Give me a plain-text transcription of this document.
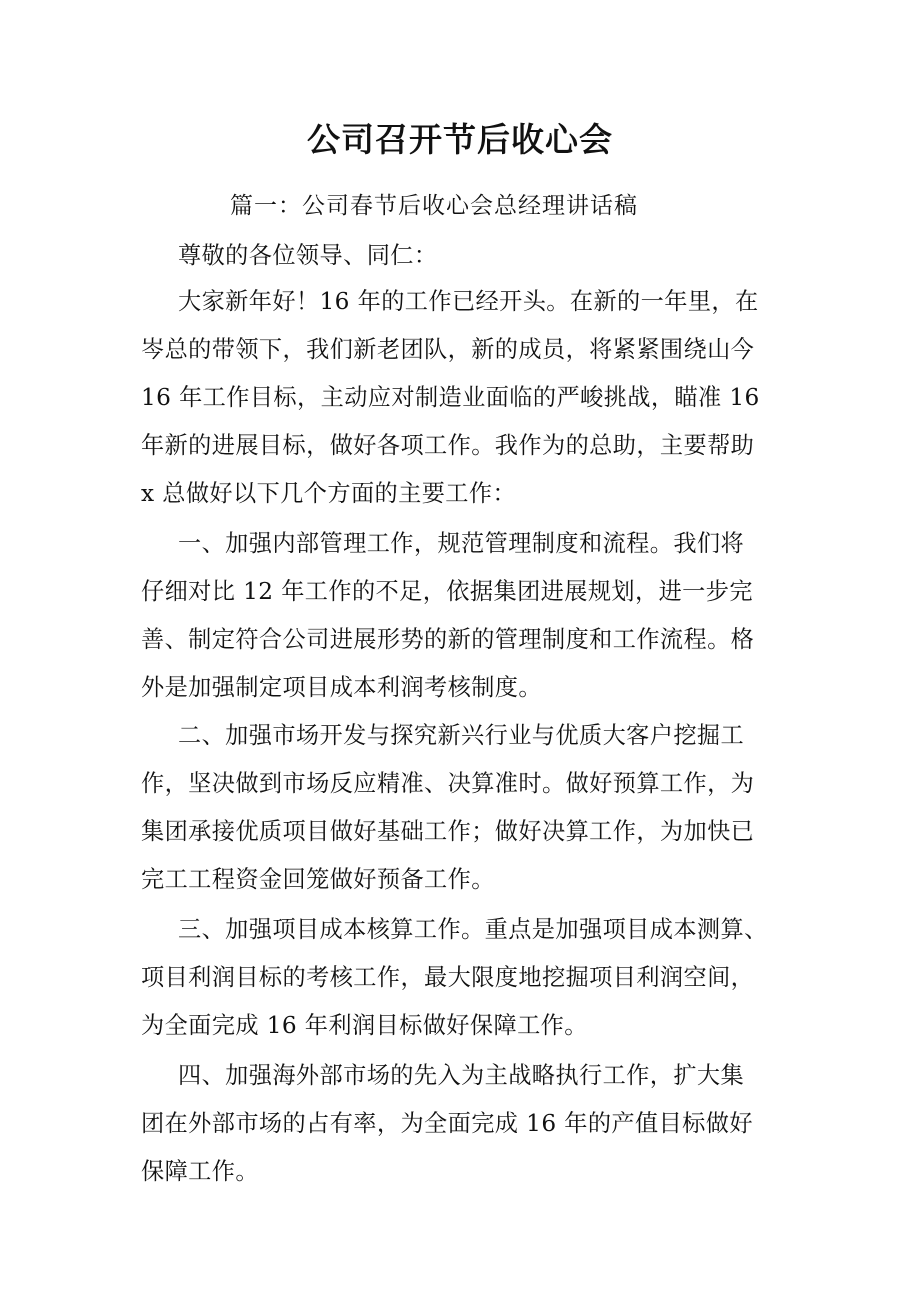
公司召开节后收心会
篇一：公司春节后收心会总经理讲话稿
尊敬的各位领导、同仁：
大家新年好！16 年的工作已经开头。在新的一年里，在
岑总的带领下，我们新老团队，新的成员，将紧紧围绕山今
16 年工作目标，主动应对制造业面临的严峻挑战，瞄准 16
年新的进展目标，做好各项工作。我作为的总助，主要帮助
x 总做好以下几个方面的主要工作：
一、加强内部管理工作，规范管理制度和流程。我们将
仔细对比 12 年工作的不足，依据集团进展规划，进一步完
善、制定符合公司进展形势的新的管理制度和工作流程。格
外是加强制定项目成本利润考核制度。
二、加强市场开发与探究新兴行业与优质大客户挖掘工
作，坚决做到市场反应精准、决算准时。做好预算工作，为
集团承接优质项目做好基础工作；做好决算工作，为加快已
完工工程资金回笼做好预备工作。
三、加强项目成本核算工作。重点是加强项目成本测算、
项目利润目标的考核工作，最大限度地挖掘项目利润空间，
为全面完成 16 年利润目标做好保障工作。
四、加强海外部市场的先入为主战略执行工作，扩大集
团在外部市场的占有率，为全面完成 16 年的产值目标做好
保障工作。
